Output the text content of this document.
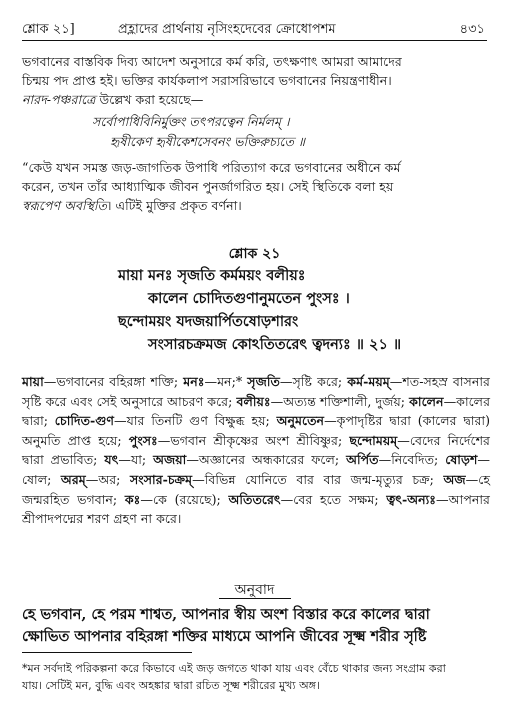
শ্লোক ২১]	প্রহ্লাদের প্রার্থনায় নৃসিংহদেবের ক্রোধোপশম	৪৩১
ভগবানের বাস্তবিক দিব্য আদেশ অনুসারে কর্ম করি, তৎক্ষণাৎ আমরা আমাদের
চিন্ময় পদ প্রাপ্ত হই। ভক্তির কার্যকলাপ সরাসরিভাবে ভগবানের নিয়ন্ত্রণাধীন।
নারদ-পঞ্চরাত্রে উল্লেখ করা হয়েছে—
সর্বোপাধিবিনির্মুক্তং তৎপরত্বেন নির্মলম্ ।
হৃষীকেণ হৃষীকেশসেবনং ভক্তিরুচ্যতে ॥
“কেউ যখন সমস্ত জড়-জাগতিক উপাধি পরিত্যাগ করে ভগবানের অধীনে কর্ম
করেন, তখন তাঁর আধ্যাত্মিক জীবন পুনর্জাগরিত হয়। সেই স্থিতিকে বলা হয়
স্বরূপেণ অবস্থিতি। এটিই মুক্তির প্রকৃত বর্ণনা।
শ্লোক ২১
মায়া মনঃ সৃজতি কর্মময়ং বলীয়ঃ
কালেন চোদিতগুণানুমতেন পুংসঃ ।
ছন্দোময়ং যদজয়ার্পিতষোড়শারং
সংসারচক্রমজ কোঽতিতরেৎ ত্বদন্যঃ ॥ ২১ ॥
মায়া—ভগবানের বহিরঙ্গা শক্তি; মনঃ—মন;* সৃজতি—সৃষ্টি করে; কর্ম-ময়ম্—শত-সহস্র বাসনার সৃষ্টি করে এবং সেই অনুসারে আচরণ করে; বলীয়ঃ—অত্যন্ত শক্তিশালী, দুর্জয়; কালেন—কালের দ্বারা; চোদিত-গুণ—যার তিনটি গুণ বিক্ষুব্ধ হয়; অনুমতেন—কৃপাদৃষ্টির দ্বারা (কালের দ্বারা) অনুমতি প্রাপ্ত হয়ে; পুংসঃ—ভগবান শ্রীকৃষ্ণের অংশ শ্রীবিষ্ণুর; ছন্দোময়ম্—বেদের নির্দেশের দ্বারা প্রভাবিত; যৎ—যা; অজয়া—অজ্ঞানের অন্ধকারের ফলে; অর্পিত—নিবেদিত; ষোড়শ—ষোল; অরম্—অর; সংসার-চক্রম্—বিভিন্ন যোনিতে বার বার জন্ম-মৃত্যুর চক্র; অজ—হে জন্মরহিত ভগবান; কঃ—কে (রয়েছে); অতিতরেৎ—বের হতে সক্ষম; ত্বৎ-অন্যঃ—আপনার শ্রীপাদপদ্মের শরণ গ্রহণ না করে।
অনুবাদ
হে ভগবান, হে পরম শাশ্বত, আপনার স্বীয় অংশ বিস্তার করে কালের দ্বারা
ক্ষোভিত আপনার বহিরঙ্গা শক্তির মাধ্যমে আপনি জীবের সূক্ষ্ম শরীর সৃষ্টি
*মন সর্বদাই পরিকল্পনা করে কিভাবে এই জড় জগতে থাকা যায় এবং বেঁচে থাকার জন্য সংগ্রাম করা
যায়। সেটিই মন, বুদ্ধি এবং অহঙ্কার দ্বারা রচিত সূক্ষ্ম শরীরের মুখ্য অঙ্গ।
